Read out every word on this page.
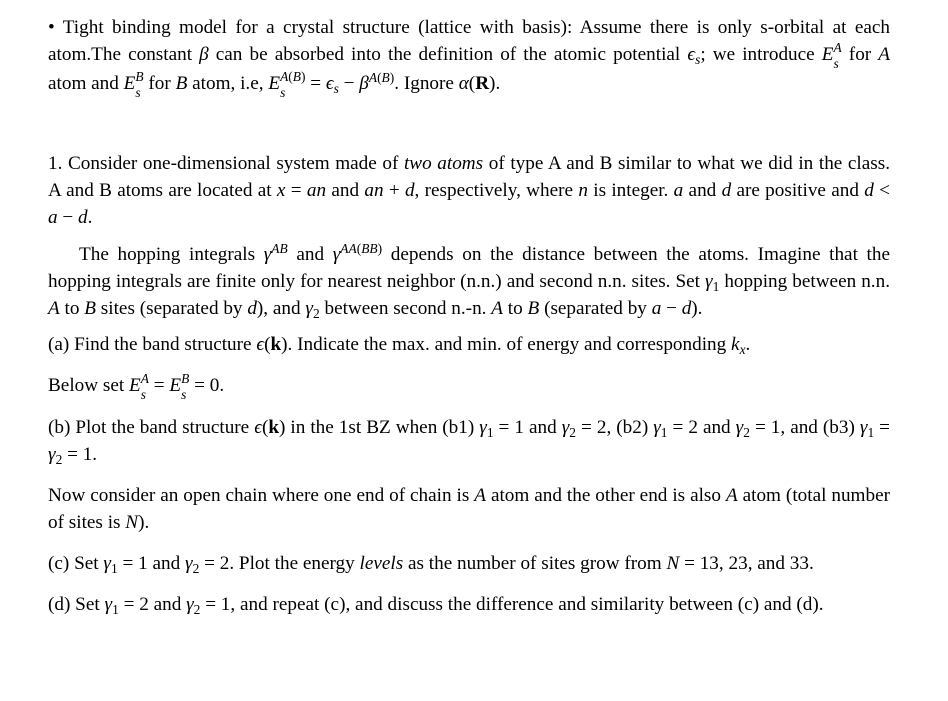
• Tight binding model for a crystal structure (lattice with basis): Assume there is only s-orbital at each atom.The constant β can be absorbed into the definition of the atomic potential $\epsilon_s$; we introduce E A
s for A atom and E B
s for B atom, i.e, E A(B)
s	= $\epsilon_s - \beta^{A(B)}$. Ignore α(R).

1. Consider one-dimensional system made of two atoms of type A and B similar to what we did in the class. A and B atoms are located at x = an and an + d, respectively, where n is integer. a and d are positive and d < a − d.

The hopping integrals $\gamma^{AB}$ and $\gamma^{AA(BB)}$ depends on the distance between the atoms. Imagine that the hopping integrals are finite only for nearest neighbor (n.n.) and second n.n. sites. Set $\gamma_1$ hopping between n.n. A to B sites (separated by d), and $\gamma_2$ between second n.-n. A to B (separated by a − d).

(a) Find the band structure ϵ(k). Indicate the max. and min. of energy and corresponding $k_x$.

Below set E A
s = E B
s = 0.

(b) Plot the band structure ϵ(k) in the 1st BZ when (b1) $\gamma_1 = 1$ and $\gamma_2 = 2$, (b2) $\gamma_1 = 2$ and $\gamma_2 = 1$, and (b3) $\gamma_1 = \gamma_2 = 1$.

Now consider an open chain where one end of chain is A atom and the other end is also A atom (total number of sites is N).

(c) Set $\gamma_1 = 1$ and $\gamma_2 = 2$. Plot the energy levels as the number of sites grow from N = 13, 23, and 33.

(d) Set $\gamma_1 = 2$ and $\gamma_2 = 1$, and repeat (c), and discuss the difference and similarity between (c) and (d).
